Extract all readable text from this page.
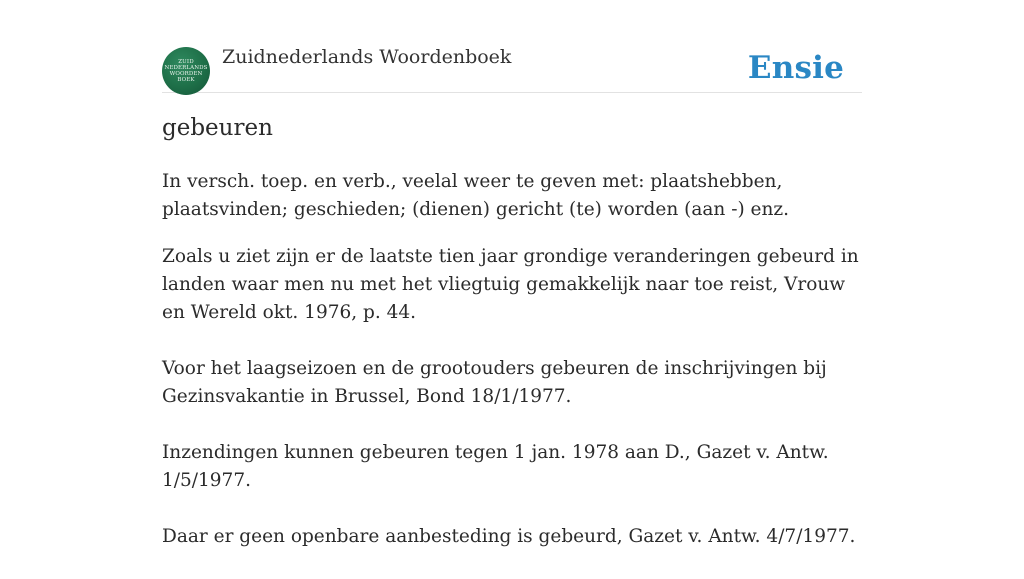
ZUID
NEDERLANDS
WOORDEN
BOEK
Zuidnederlands Woordenboek	Ensie
gebeuren

In versch. toep. en verb., veelal weer te geven met: plaatshebben, plaatsvinden; geschieden; (dienen) gericht (te) worden (aan -) enz.

Zoals u ziet zijn er de laatste tien jaar grondige veranderingen gebeurd in landen waar men nu met het vliegtuig gemakkelijk naar toe reist, Vrouw en Wereld okt. 1976, p. 44.

Voor het laagseizoen en de grootouders gebeuren de inschrijvingen bij Gezinsvakantie in Brussel, Bond 18/1/1977.

Inzendingen kunnen gebeuren tegen 1 jan. 1978 aan D., Gazet v. Antw. 1/5/1977.

Daar er geen openbare aanbesteding is gebeurd, Gazet v. Antw. 4/7/1977.
